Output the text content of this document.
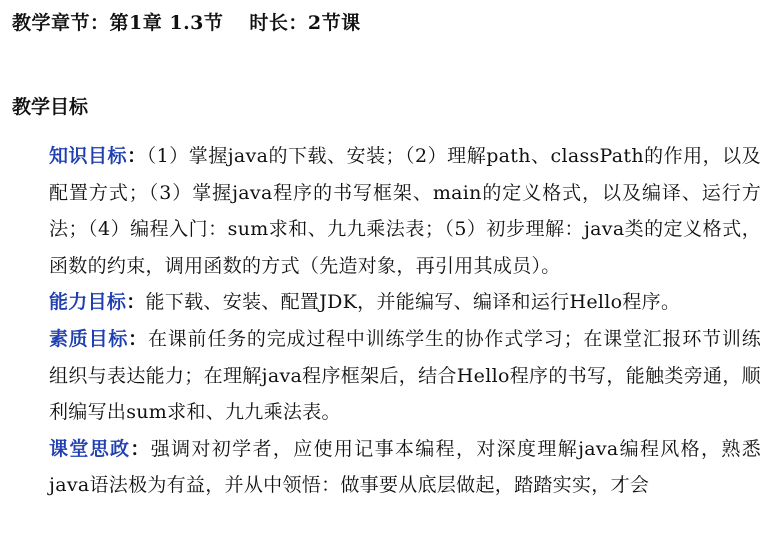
教学章节：第1章 1.3节 时长：2节课
教学目标

知识目标：（1）掌握java的下载、安装；（2）理解path、classPath的作用，以及配置方式；（3）掌握java程序的书写框架、main的定义格式，以及编译、运行方法；（4）编程入门：sum求和、九九乘法表；（5）初步理解：java类的定义格式，函数的约束，调用函数的方式（先造对象，再引用其成员）。

能力目标：能下载、安装、配置JDK，并能编写、编译和运行Hello程序。

素质目标：在课前任务的完成过程中训练学生的协作式学习；在课堂汇报环节训练组织与表达能力；在理解java程序框架后，结合Hello程序的书写，能触类旁通，顺利编写出sum求和、九九乘法表。

课堂思政：强调对初学者，应使用记事本编程，对深度理解java编程风格，熟悉java语法极为有益，并从中领悟：做事要从底层做起，踏踏实实，才会
